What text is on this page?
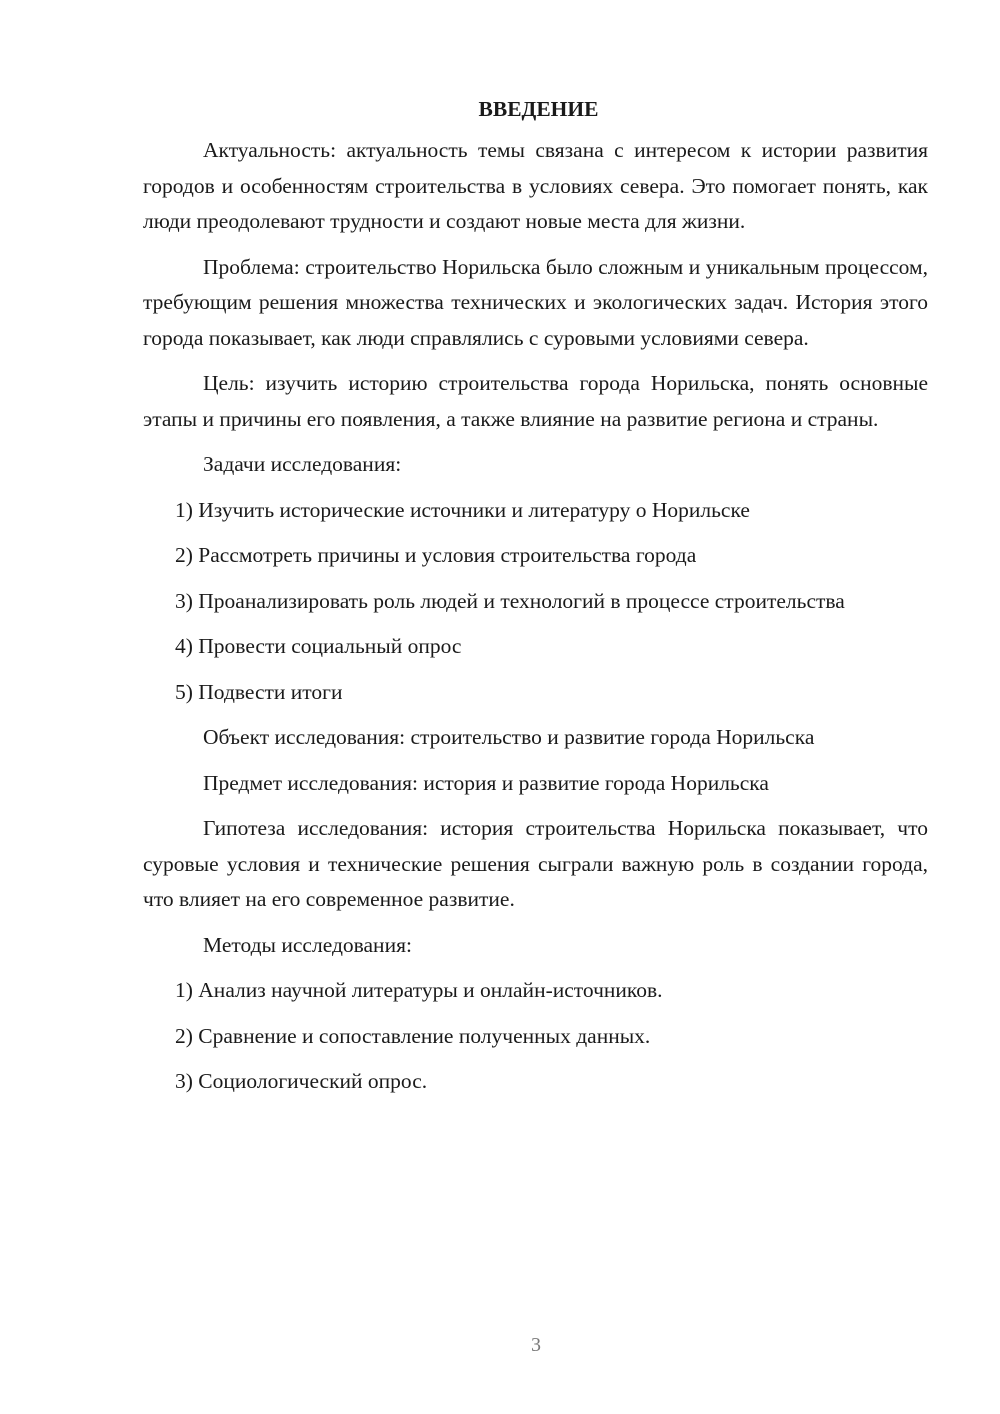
ВВЕДЕНИЕ

Актуальность: актуальность темы связана с интересом к истории развития городов и особенностям строительства в условиях севера. Это помогает понять, как люди преодолевают трудности и создают новые места для жизни.

Проблема: строительство Норильска было сложным и уникальным процессом, требующим решения множества технических и экологических задач. История этого города показывает, как люди справлялись с суровыми условиями севера.

Цель: изучить историю строительства города Норильска, понять основные этапы и причины его появления, а также влияние на развитие региона и страны.

Задачи исследования:
1) Изучить исторические источники и литературу о Норильске
2) Рассмотреть причины и условия строительства города
3) Проанализировать роль людей и технологий в процессе строительства
4) Провести социальный опрос
5) Подвести итоги
Объект исследования: строительство и развитие города Норильска
Предмет исследования: история и развитие города Норильска

Гипотеза исследования: история строительства Норильска показывает, что суровые условия и технические решения сыграли важную роль в создании города, что влияет на его современное развитие.

Методы исследования:
1) Анализ научной литературы и онлайн-источников.
2) Сравнение и сопоставление полученных данных.
3) Социологический опрос.
3
